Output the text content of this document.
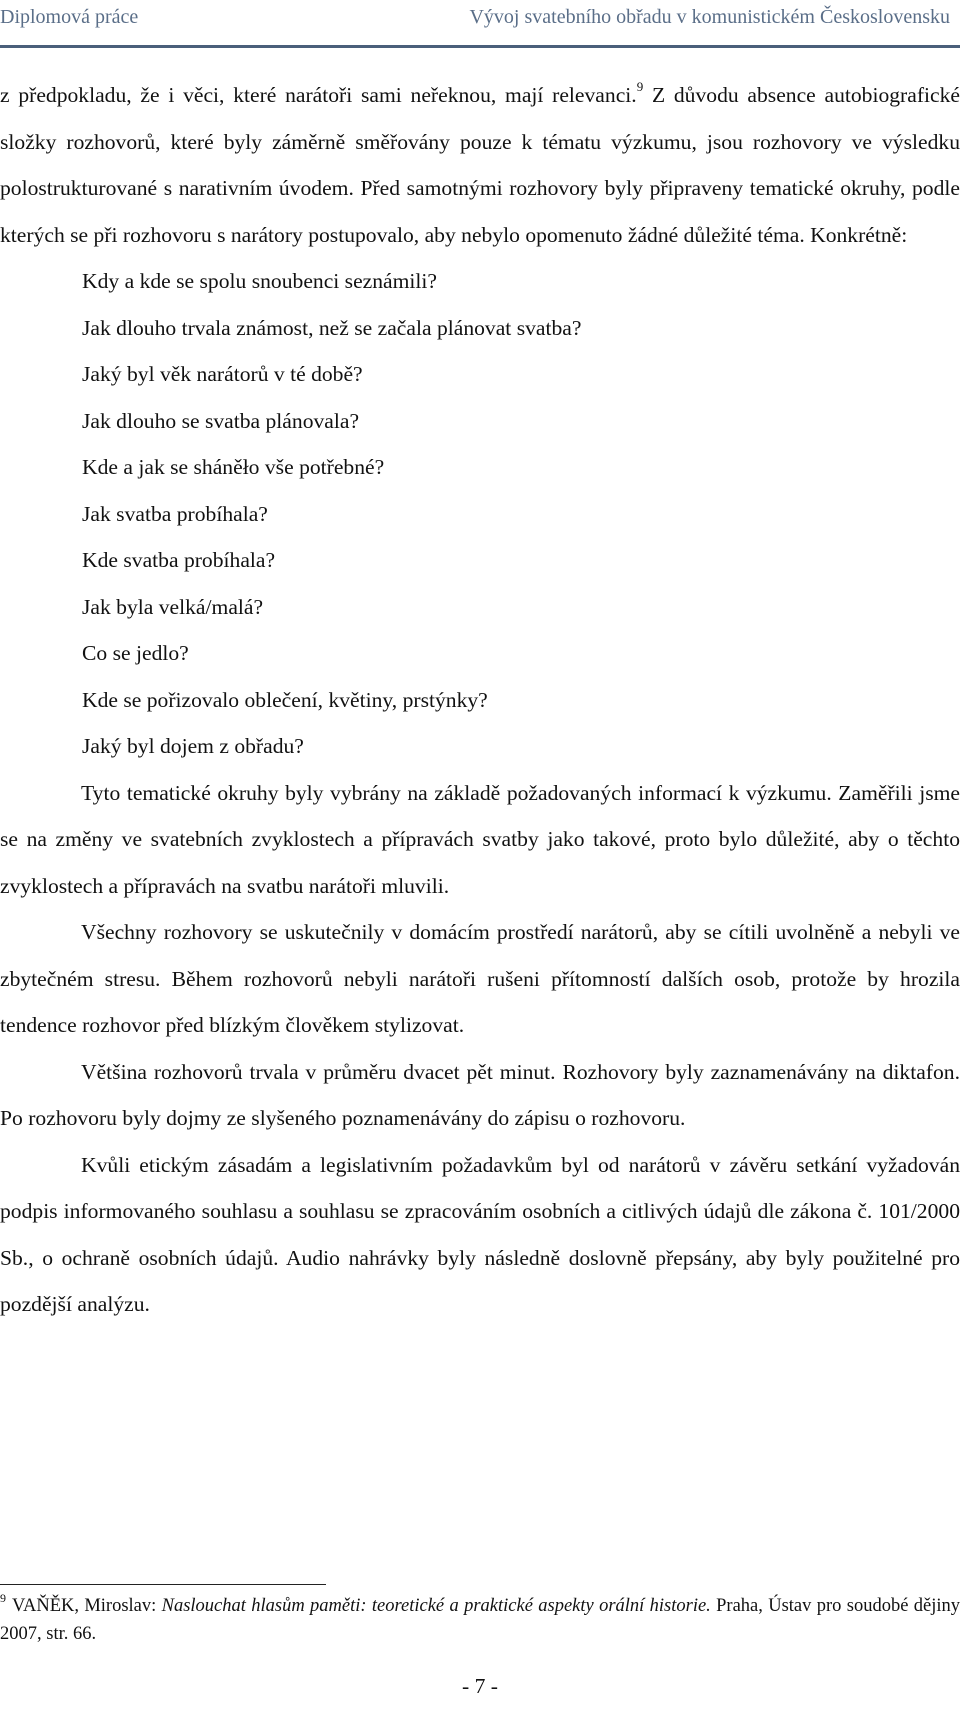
Diplomová práce	Vývoj svatebního obřadu v komunistickém Československu

z předpokladu, že i věci, které narátoři sami neřeknou, mají relevanci.$^9$ Z důvodu absence autobiografické složky rozhovorů, které byly záměrně směřovány pouze k tématu výzkumu, jsou rozhovory ve výsledku polostrukturované s narativním úvodem. Před samotnými rozhovory byly připraveny tematické okruhy, podle kterých se při rozhovoru s narátory postupovalo, aby nebylo opomenuto žádné důležité téma. Konkrétně:

Kdy a kde se spolu snoubenci seznámili?
Jak dlouho trvala známost, než se začala plánovat svatba?
Jaký byl věk narátorů v té době?
Jak dlouho se svatba plánovala?
Kde a jak se sháněło vše potřebné?
Jak svatba probíhala?
Kde svatba probíhala?
Jak byla velká/malá?
Co se jedlo?
Kde se pořizovalo oblečení, květiny, prstýnky?
Jaký byl dojem z obřadu?

Tyto tematické okruhy byly vybrány na základě požadovaných informací k výzkumu. Zaměřili jsme se na změny ve svatebních zvyklostech a přípravách svatby jako takové, proto bylo důležité, aby o těchto zvyklostech a přípravách na svatbu narátoři mluvili.

Všechny rozhovory se uskutečnily v domácím prostředí narátorů, aby se cítili uvolněně a nebyli ve zbytečném stresu. Během rozhovorů nebyli narátoři rušeni přítomností dalších osob, protože by hrozila tendence rozhovor před blízkým člověkem stylizovat.

Většina rozhovorů trvala v průměru dvacet pět minut. Rozhovory byly zaznamenávány na diktafon. Po rozhovoru byly dojmy ze slyšeného poznamenávány do zápisu o rozhovoru.

Kvůli etickým zásadám a legislativním požadavkům byl od narátorů v závěru setkání vyžadován podpis informovaného souhlasu a souhlasu se zpracováním osobních a citlivých údajů dle zákona č. 101/2000 Sb., o ochraně osobních údajů. Audio nahrávky byly následně doslovně přepsány, aby byly použitelné pro pozdější analýzu.

$^9$ VAŇĚK, Miroslav: Naslouchat hlasům paměti: teoretické a praktické aspekty orální historie. Praha, Ústav pro soudobé dějiny 2007, str. 66.

- 7 -
